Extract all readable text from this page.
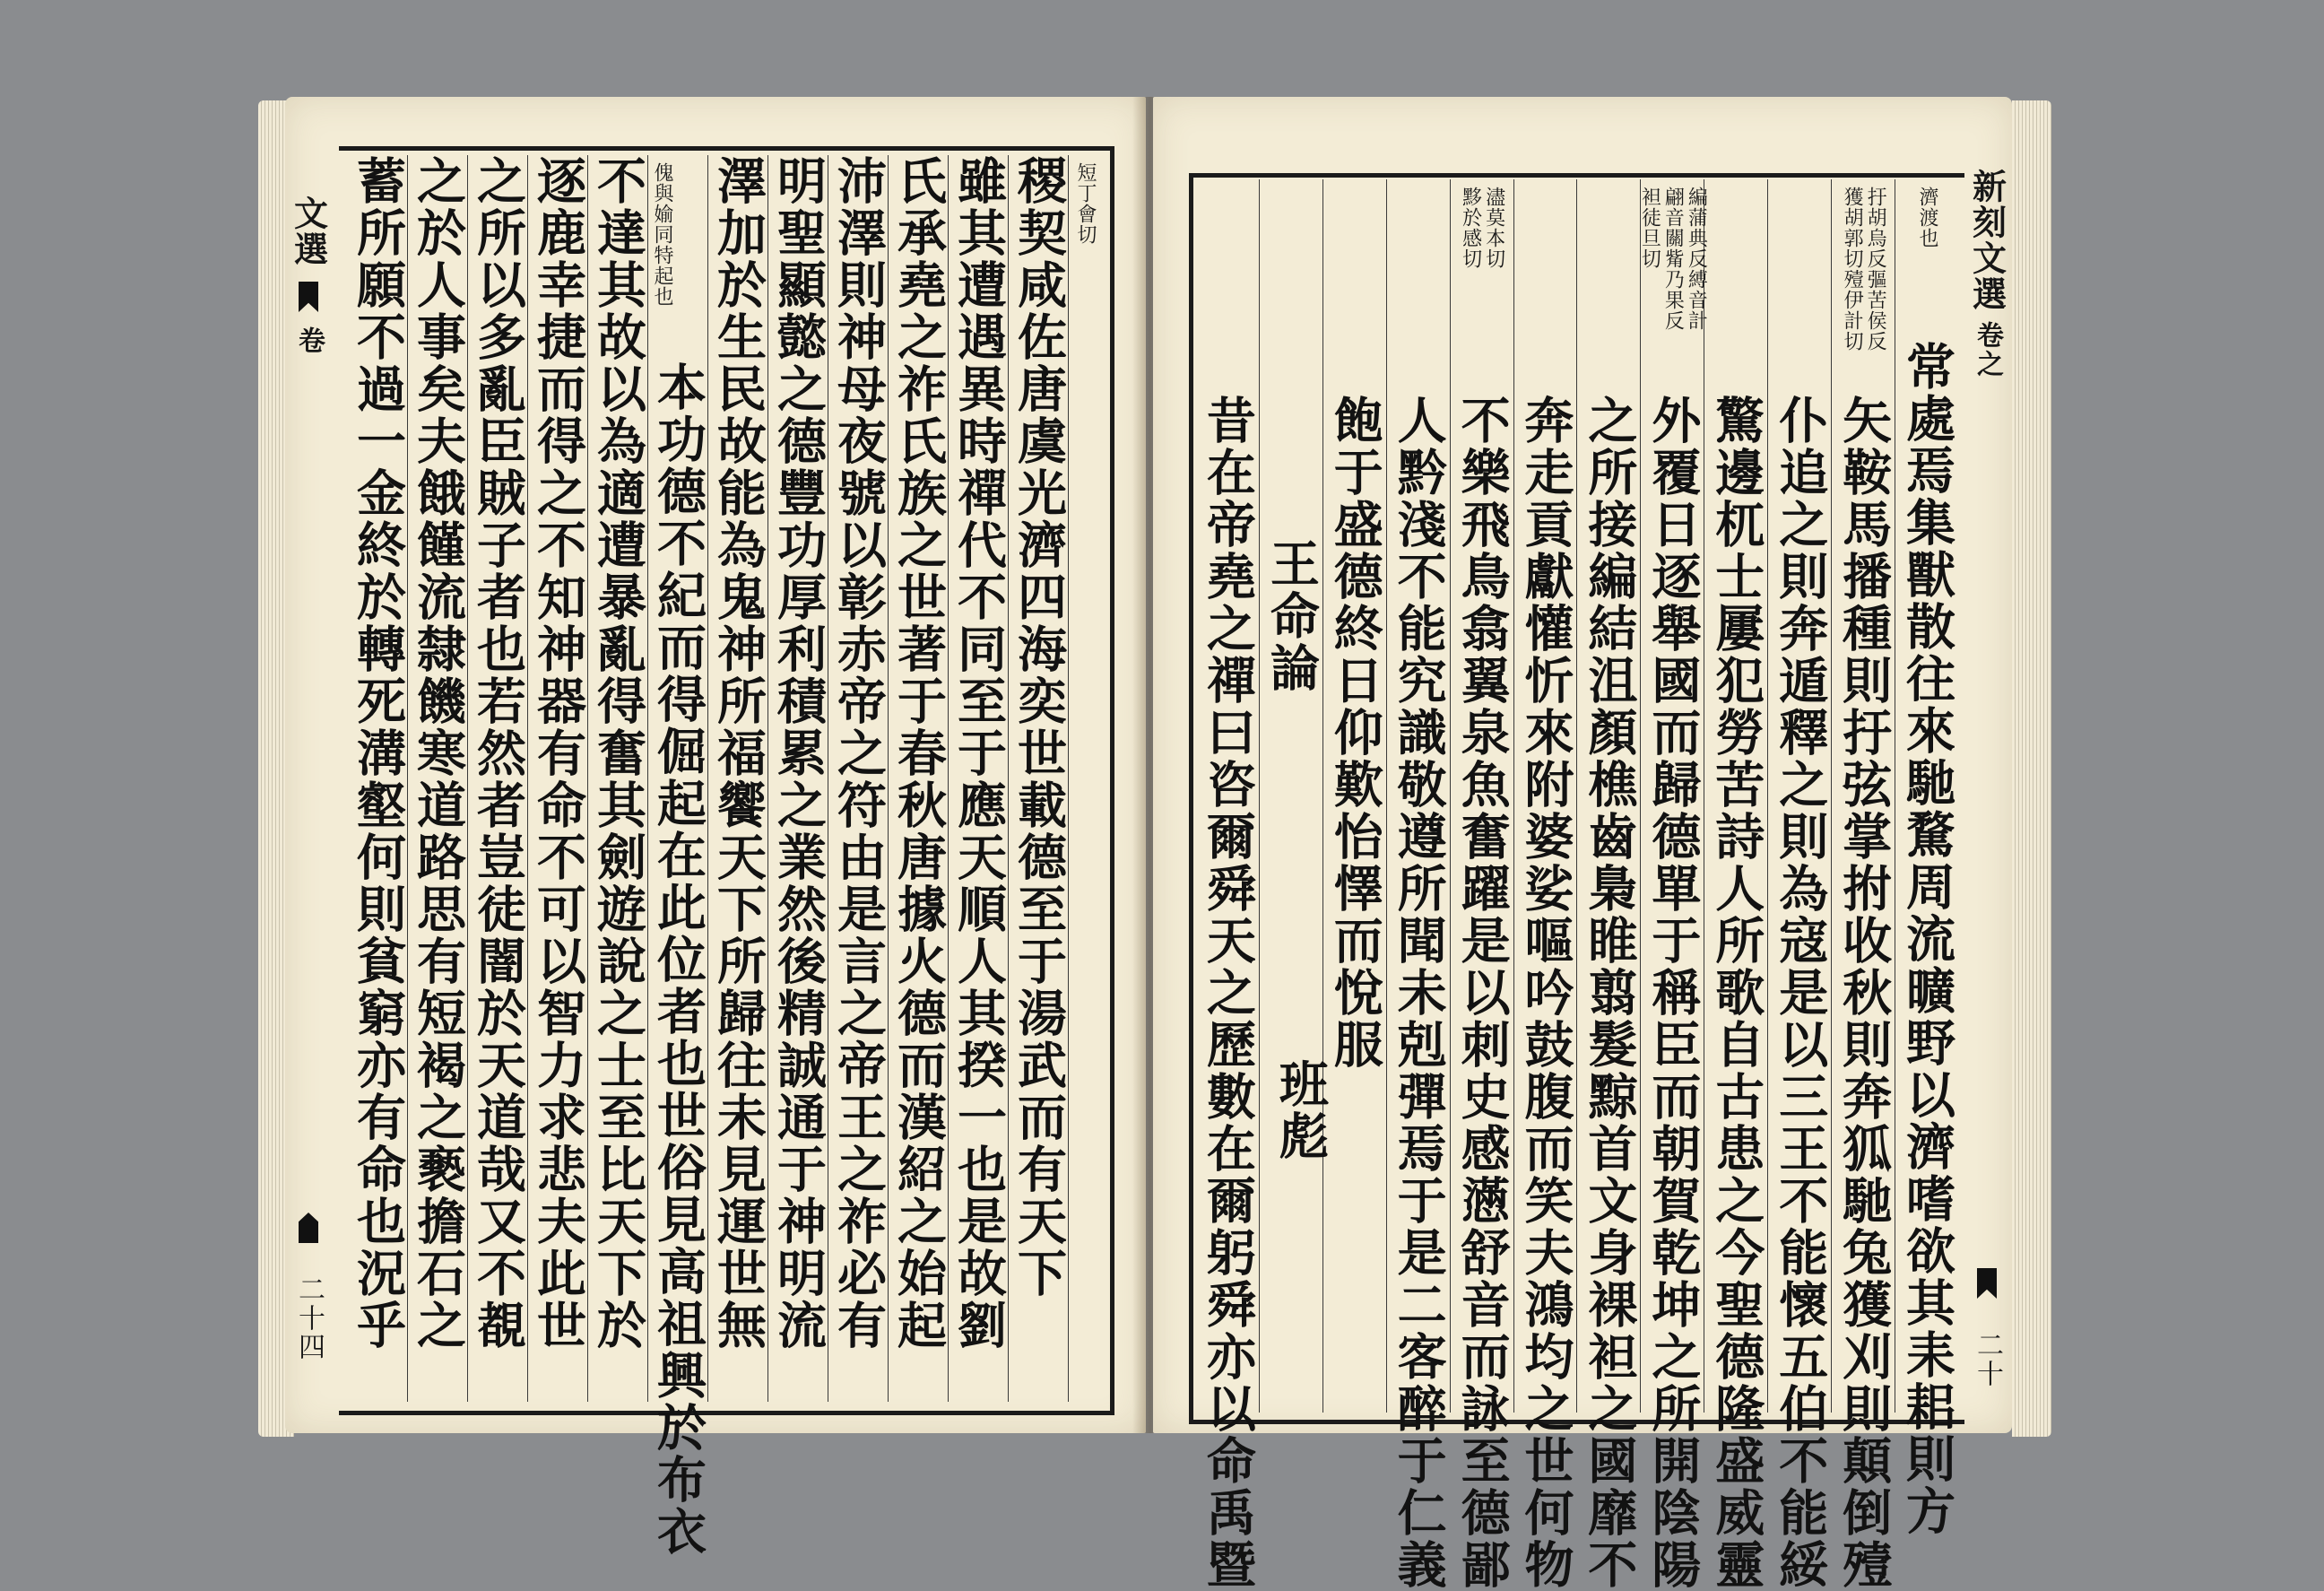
文選
卷
二十四
短丁會切
稷契咸佐唐虞光濟四海奕世載德至于湯武而有天下
雖其遭遇異時禪代不同至于應天順人其揆一也是故劉
氏承堯之祚氏族之世著于春秋唐據火德而漢紹之始起
沛澤則神母夜號以彰赤帝之符由是言之帝王之祚必有
明聖顯懿之德豐功厚利積累之業然後精誠通于神明流
澤加於生民故能為鬼神所福饗天下所歸往未見運世無
傀與媮同特起也
本功德不紀而得倔起在此位者也世俗見高祖興於布衣
不達其故以為適遭暴亂得奮其劍遊說之士至比天下於
逐鹿幸捷而得之不知神器有命不可以智力求悲夫此世
之所以多亂臣賊子者也若然者豈徒闇於天道哉又不覩
之於人事矣夫餓饉流隸饑寒道路思有短褐之褻擔石之
蓄所願不過一金終於轉死溝壑何則貧窮亦有命也況乎	濟渡也
常處焉集獸散往來馳騖周流曠野以濟嗜欲其耒耜則方
扜胡烏反彄苦侯反
獲胡郭切殪伊計切
矢鞍馬播種則扜弦掌拊收秋則奔狐馳兔獲刈則顛倒殪
仆追之則奔遁釋之則為寇是以三王不能懷五伯不能綏
驚邊杌士屢犯勞苦詩人所歌自古患之今聖德隆盛威靈
編蒲典反縛音計
翩音關觜乃果反
袒徒旦切
外覆日逐舉國而歸德單于稱臣而朝賀乾坤之所開陰陽
之所接編結沮顏樵齒梟睢翦髮黥首文身裸袒之國靡不
奔走貢獻懽忻來附婆娑嘔吟鼓腹而笑夫鴻均之世何物
濜莫本切
黟於感切
不樂飛鳥翕翼泉魚奮躍是以刺史感懣舒音而詠至德鄙
人黔淺不能究識敬遵所聞未剋彈焉于是二客醉于仁義
飽于盛德終日仰歎怡懌而悅服
王命論
班彪
昔在帝堯之禪曰咨爾舜天之歷數在爾躬舜亦以命禹暨
新刻文選
卷之
二十
